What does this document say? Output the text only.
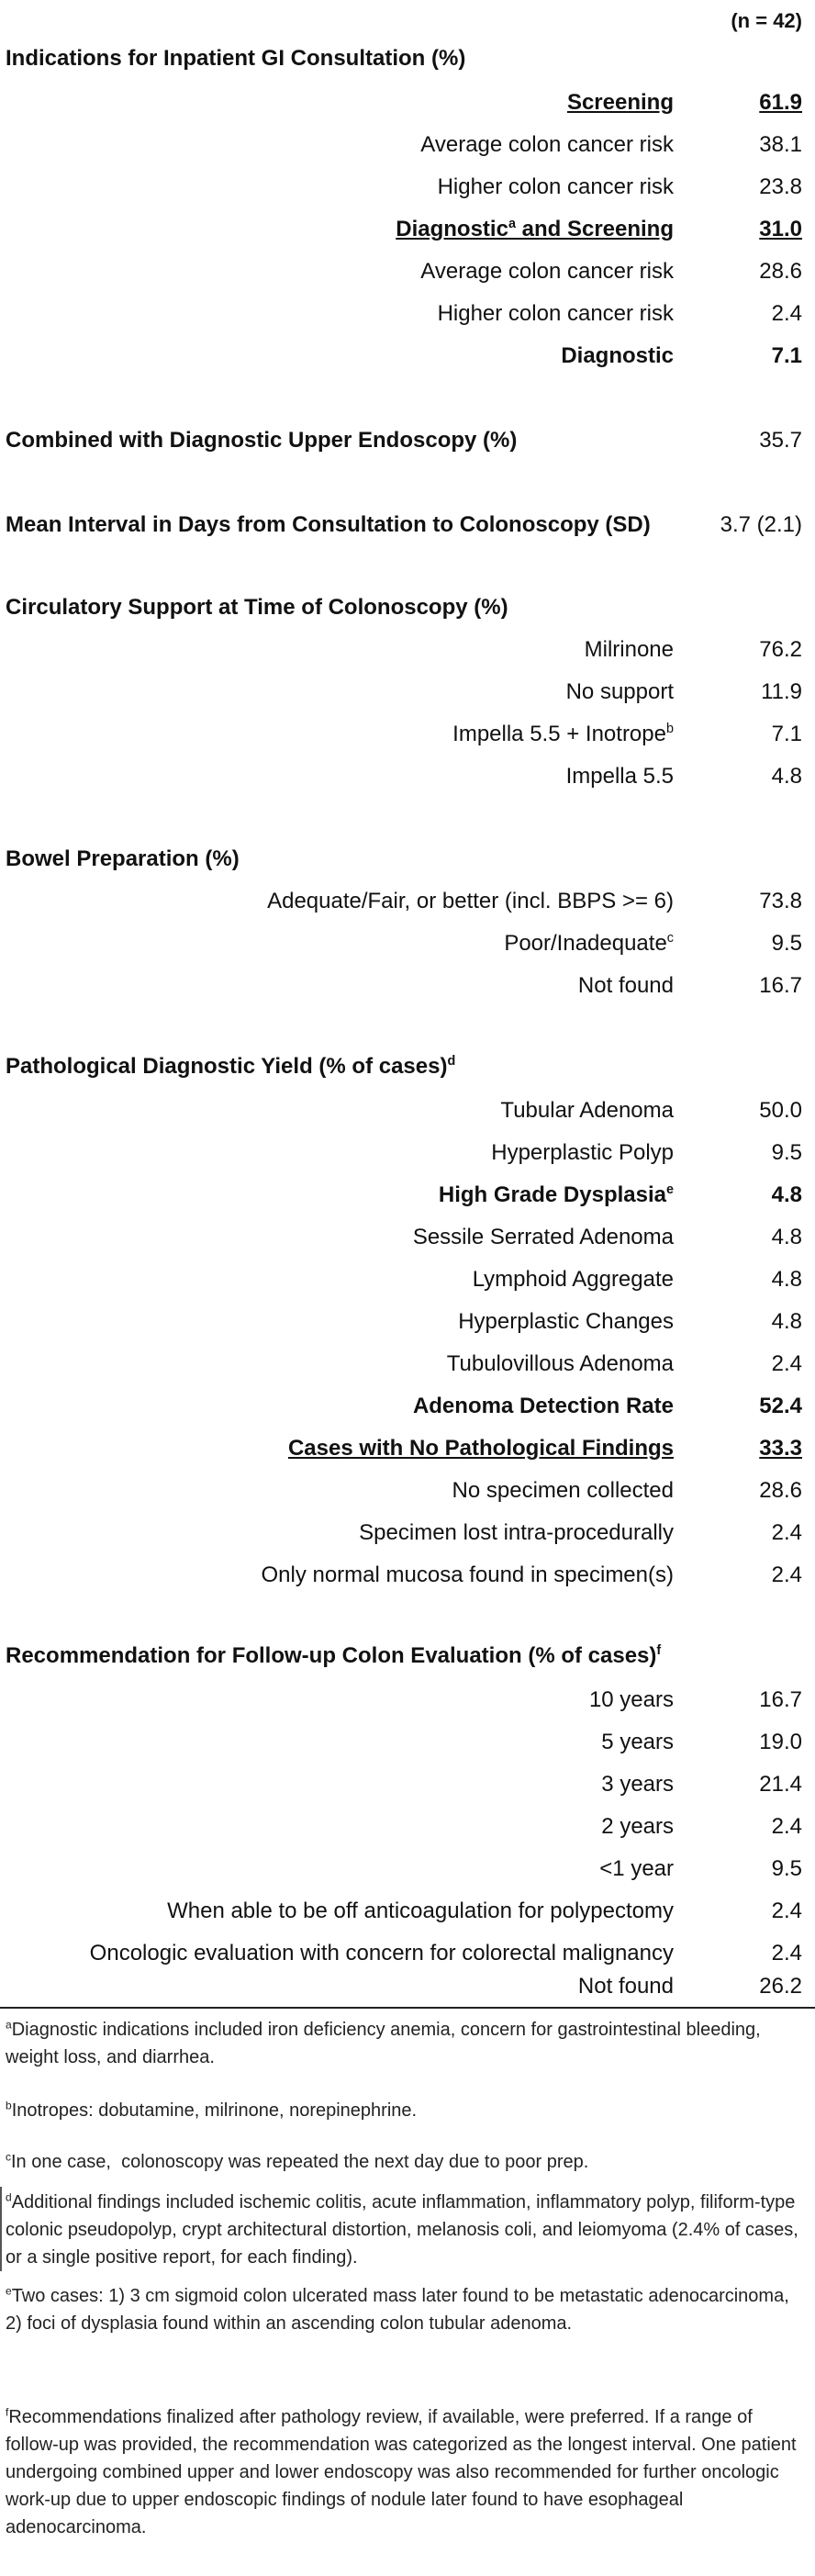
(n = 42)
Indications for Inpatient GI Consultation (%)
Screening	61.9
Average colon cancer risk	38.1
Higher colon cancer risk	23.8
Diagnostic$^a$ and Screening	31.0
Average colon cancer risk	28.6
Higher colon cancer risk	2.4
Diagnostic	7.1
Combined with Diagnostic Upper Endoscopy (%)	35.7
Mean Interval in Days from Consultation to Colonoscopy (SD)	3.7 (2.1)
Circulatory Support at Time of Colonoscopy (%)
Milrinone	76.2
No support	11.9
Impella 5.5 + Inotrope$^b$	7.1
Impella 5.5	4.8
Bowel Preparation (%)
Adequate/Fair, or better (incl. BBPS >= 6)	73.8
Poor/Inadequate$^c$	9.5
Not found	16.7
Pathological Diagnostic Yield (% of cases)$^d$
Tubular Adenoma	50.0
Hyperplastic Polyp	9.5
High Grade Dysplasia$^e$	4.8
Sessile Serrated Adenoma	4.8
Lymphoid Aggregate	4.8
Hyperplastic Changes	4.8
Tubulovillous Adenoma	2.4
Adenoma Detection Rate	52.4
Cases with No Pathological Findings	33.3
No specimen collected	28.6
Specimen lost intra-procedurally	2.4
Only normal mucosa found in specimen(s)	2.4
Recommendation for Follow-up Colon Evaluation (% of cases)$^f$
10 years	16.7
5 years	19.0
3 years	21.4
2 years	2.4
<1 year	9.5
When able to be off anticoagulation for polypectomy	2.4
Oncologic evaluation with concern for colorectal malignancy	2.4
Not found	26.2
$^a$Diagnostic indications included iron deficiency anemia, concern for gastrointestinal bleeding, weight loss, and diarrhea.
$^b$Inotropes: dobutamine, milrinone, norepinephrine.
$^c$In one case,  colonoscopy was repeated the next day due to poor prep.
$^d$Additional findings included ischemic colitis, acute inflammation, inflammatory polyp, filiform-type colonic pseudopolyp, crypt architectural distortion, melanosis coli, and leiomyoma (2.4% of cases, or a single positive report, for each finding).
$^e$Two cases: 1) 3 cm sigmoid colon ulcerated mass later found to be metastatic adenocarcinoma, 2) foci of dysplasia found within an ascending colon tubular adenoma.
$^f$Recommendations finalized after pathology review, if available, were preferred. If a range of follow-up was provided, the recommendation was categorized as the longest interval. One patient undergoing combined upper and lower endoscopy was also recommended for further oncologic work-up due to upper endoscopic findings of nodule later found to have esophageal adenocarcinoma.
